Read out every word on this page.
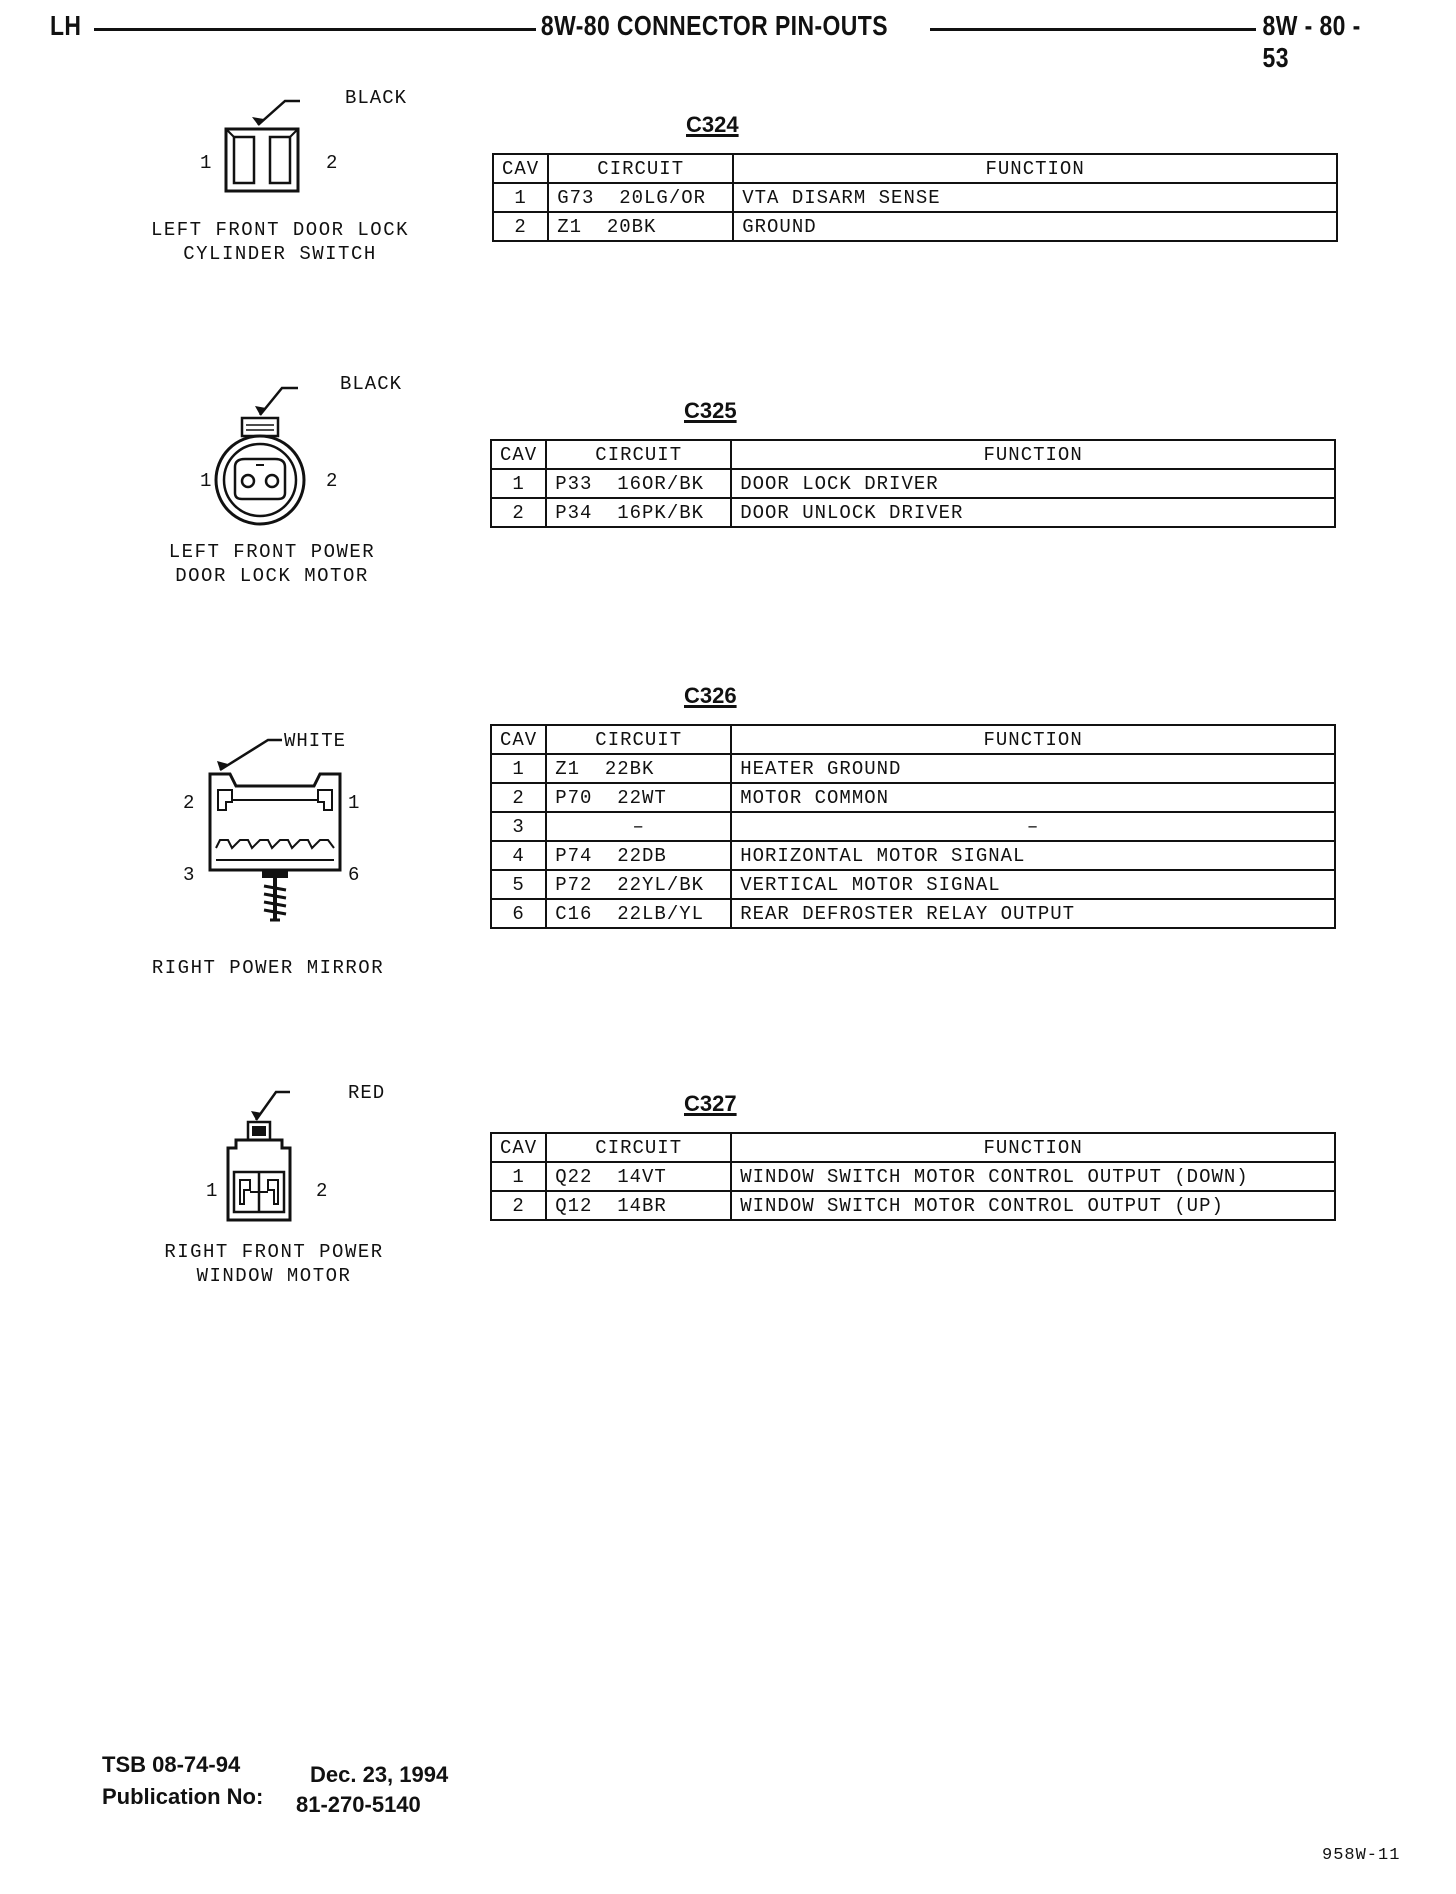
LH	8W-80 CONNECTOR PIN-OUTS	8W - 80 - 53
BLACK
1	2
LEFT FRONT DOOR LOCK
CYLINDER SWITCH
C324
CAV	CIRCUIT	FUNCTION
1	G73  20LG/OR	VTA DISARM SENSE
2	Z1  20BK	GROUND
BLACK
1	2
LEFT FRONT POWER
DOOR LOCK MOTOR
C325
CAV	CIRCUIT	FUNCTION
1	P33  16OR/BK	DOOR LOCK DRIVER
2	P34  16PK/BK	DOOR UNLOCK DRIVER
WHITE
2	1
3	6
RIGHT POWER MIRROR
C326
CAV	CIRCUIT	FUNCTION
1	Z1  22BK	HEATER GROUND
2	P70  22WT	MOTOR COMMON
3	–	–
4	P74  22DB	HORIZONTAL MOTOR SIGNAL
5	P72  22YL/BK	VERTICAL MOTOR SIGNAL
6	C16  22LB/YL	REAR DEFROSTER RELAY OUTPUT
RED
1	2
RIGHT FRONT POWER
WINDOW MOTOR
C327
CAV	CIRCUIT	FUNCTION
1	Q22  14VT	WINDOW SWITCH MOTOR CONTROL OUTPUT (DOWN)
2	Q12  14BR	WINDOW SWITCH MOTOR CONTROL OUTPUT (UP)
TSB 08-74-94	Dec. 23, 1994
Publication No: 81-270-5140
958W-11
